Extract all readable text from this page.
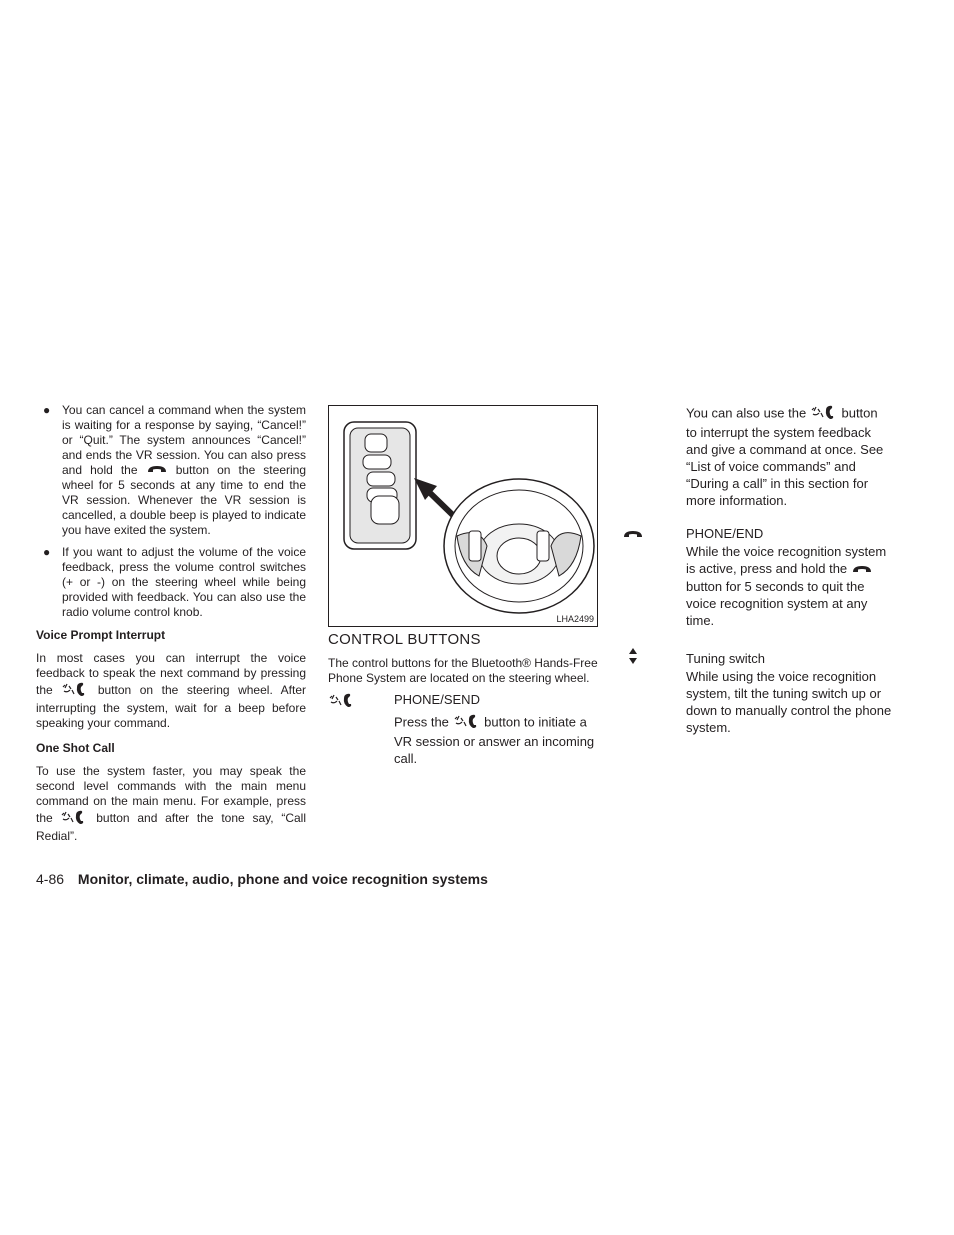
● You can cancel a command when the system is waiting for a response by saying, “Cancel!” or “Quit.” The system announces “Cancel!” and ends the VR session. You can also press and hold the	button on the steering wheel for 5 seconds at any time to end the VR session. Whenever the VR session is cancelled, a double beep is played to indicate you have exited the system.
● If you want to adjust the volume of the voice feedback, press the volume control switches (+ or -) on the steering wheel while being provided with feedback. You can also use the radio volume control knob.
Voice Prompt Interrupt

In most cases you can interrupt the voice feedback to speak the next command by pressing the	button on the steering wheel. After interrupting the system, wait for a beep before speaking your command.

One Shot Call

To use the system faster, you may speak the second level commands with the main menu command on the main menu. For example, press the	button and after the tone say, “Call Redial”.

LHA2499
CONTROL BUTTONS

The control buttons for the Bluetooth® Hands-Free Phone System are located on the steering wheel.

PHONE/SEND
Press the	button to initiate a VR session or answer an incoming call.
You can also use the	button to interrupt the system feedback and give a command at once. See “List of voice commands” and “During a call” in this section for more information.
PHONE/END
While the voice recognition system is active, press and hold the  button for 5 seconds to quit the voice recognition system at any time.
Tuning switch
While using the voice recognition system, tilt the tuning switch up or down to manually control the phone system.
4-86 Monitor, climate, audio, phone and voice recognition systems
